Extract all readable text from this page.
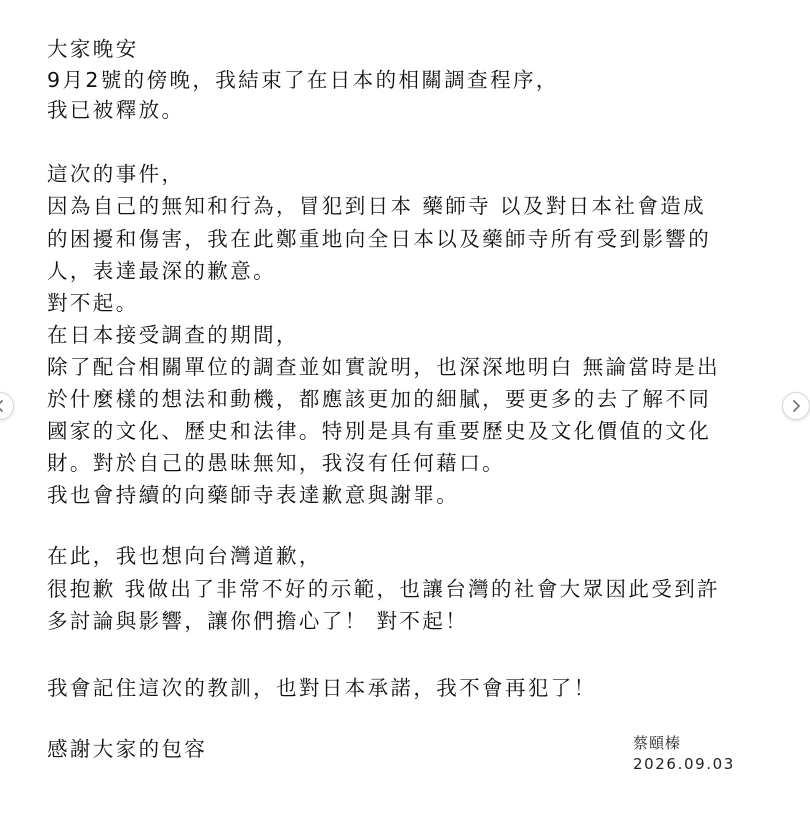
大家晚安
9月2號的傍晚，我結束了在日本的相關調查程序，
我已被釋放。
這次的事件，
因為自己的無知和行為，冒犯到日本 藥師寺 以及對日本社會造成
的困擾和傷害，我在此鄭重地向全日本以及藥師寺所有受到影響的
人，表達最深的歉意。
對不起。
在日本接受調查的期間，
除了配合相關單位的調查並如實說明，也深深地明白 無論當時是出
於什麼樣的想法和動機，都應該更加的細膩，要更多的去了解不同
國家的文化、歷史和法律。特別是具有重要歷史及文化價值的文化
財。對於自己的愚昧無知，我沒有任何藉口。
我也會持續的向藥師寺表達歉意與謝罪。
在此，我也想向台灣道歉，
很抱歉 我做出了非常不好的示範，也讓台灣的社會大眾因此受到許
多討論與影響，讓你們擔心了！ 對不起！
我會記住這次的教訓，也對日本承諾，我不會再犯了！
感謝大家的包容	蔡頤榛
2026.09.03
